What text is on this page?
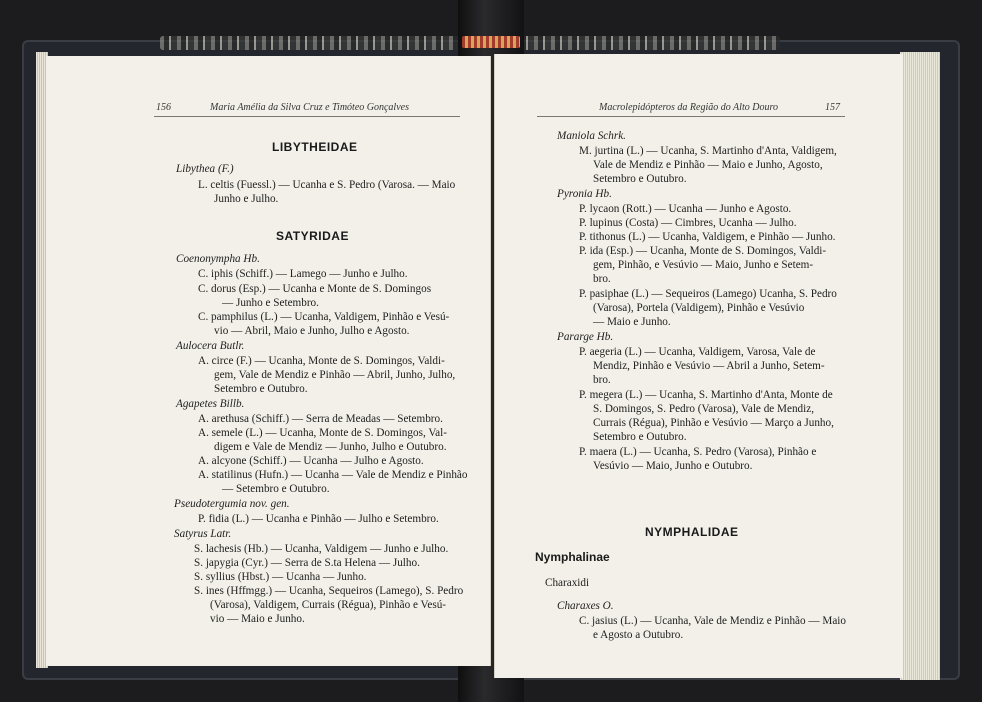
156	Maria Amélia da Silva Cruz e Timóteo Gonçalves
LIBYTHEIDAE
Libythea (F.)
L. celtis (Fuessl.) — Ucanha e S. Pedro (Varosa. — Maio
Junho e Julho.
SATYRIDAE
Coenonympha Hb.
C. iphis (Schiff.) — Lamego — Junho e Julho.
C. dorus (Esp.) — Ucanha e Monte de S. Domingos
— Junho e Setembro.
C. pamphilus (L.) — Ucanha, Valdigem, Pinhão e Vesú-
vio — Abril, Maio e Junho, Julho e Agosto.
Aulocera Butlr.
A. circe (F.) — Ucanha, Monte de S. Domingos, Valdi-
gem, Vale de Mendiz e Pinhão — Abril, Junho, Julho,
Setembro e Outubro.
Agapetes Billb.
A. arethusa (Schiff.) — Serra de Meadas — Setembro.
A. semele (L.) — Ucanha, Monte de S. Domingos, Val-
digem e Vale de Mendiz — Junho, Julho e Outubro.
A. alcyone (Schiff.) — Ucanha — Julho e Agosto.
A. statilinus (Hufn.) — Ucanha — Vale de Mendiz e Pinhão
— Setembro e Outubro.
Pseudotergumia nov. gen.
P. fidia (L.) — Ucanha e Pinhão — Julho e Setembro.
Satyrus Latr.
S. lachesis (Hb.) — Ucanha, Valdigem — Junho e Julho.
S. japygia (Cyr.) — Serra de S.ta Helena — Julho.
S. syllius (Hbst.) — Ucanha — Junho.
S. ines (Hffmgg.) — Ucanha, Sequeiros (Lamego), S. Pedro
(Varosa), Valdigem, Currais (Régua), Pinhão e Vesú-
vio — Maio e Junho.
Macrolepidópteros da Região do Alto Douro	157
Maniola Schrk.
M. jurtina (L.) — Ucanha, S. Martinho d'Anta, Valdigem,
Vale de Mendiz e Pinhão — Maio e Junho, Agosto,
Setembro e Outubro.
Pyronia Hb.
P. lycaon (Rott.) — Ucanha — Junho e Agosto.
P. lupinus (Costa) — Cimbres, Ucanha — Julho.
P. tithonus (L.) — Ucanha, Valdigem, e Pinhão — Junho.
P. ida (Esp.) — Ucanha, Monte de S. Domingos, Valdi-
gem, Pinhão, e Vesúvio — Maio, Junho e Setem-
bro.
P. pasiphae (L.) — Sequeiros (Lamego) Ucanha, S. Pedro
(Varosa), Portela (Valdigem), Pinhão e Vesúvio
— Maio e Junho.
Pararge Hb.
P. aegeria (L.) — Ucanha, Valdigem, Varosa, Vale de
Mendiz, Pinhão e Vesúvio — Abril a Junho, Setem-
bro.
P. megera (L.) — Ucanha, S. Martinho d'Anta, Monte de
S. Domingos, S. Pedro (Varosa), Vale de Mendiz,
Currais (Régua), Pinhão e Vesúvio — Março a Junho,
Setembro e Outubro.
P. maera (L.) — Ucanha, S. Pedro (Varosa), Pinhão e
Vesúvio — Maio, Junho e Outubro.
NYMPHALIDAE
Nymphalinae
Charaxidi
Charaxes O.
C. jasius (L.) — Ucanha, Vale de Mendiz e Pinhão — Maio
e Agosto a Outubro.
